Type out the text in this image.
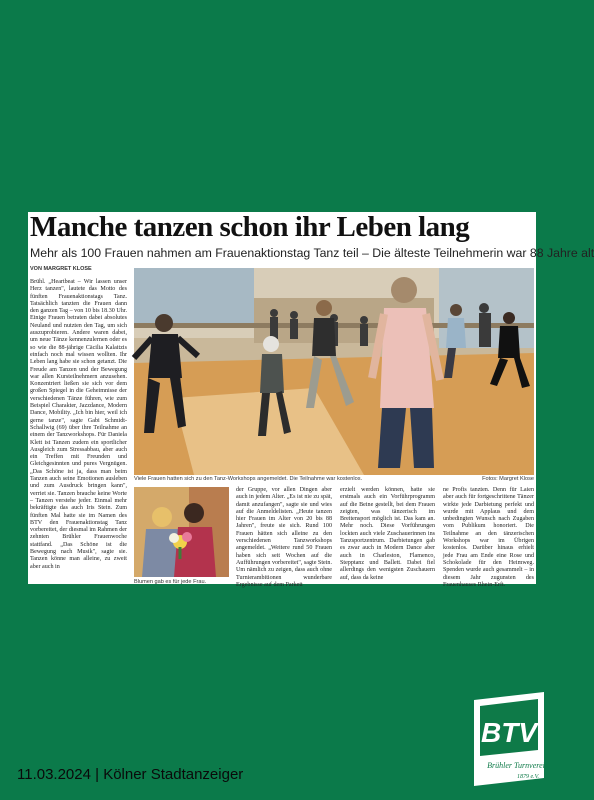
Manche tanzen schon ihr Leben lang
Mehr als 100 Frauen nahmen am Frauenaktionstag Tanz teil – Die älteste Teilnehmerin war 88 Jahre alt
VON MARGRET KLOSE

Brühl. „Heartbeat – Wir lassen unser Herz tanzen", lautete das Motto des fünften Frauenaktionstags Tanz. Tatsächlich tanzten die Frauen dann den ganzen Tag – von 10 bis 18.30 Uhr. Einige Frauen betraten dabei absolutes Neuland und nutzten den Tag, um sich auszuprobieren. Andere waren dabei, um neue Tänze kennenzulernen oder es so wie die 88-jährige Cäcilia Kalaitzis einfach noch mal wissen wollten. Ihr Leben lang habe sie schon getanzt. Die Freude am Tanzen und der Bewegung war allen Kursteilnehmern anzusehen. Konzentriert ließen sie sich vor dem großen Spiegel in die Geheimnisse der verschiedenen Tänze führen, wie zum Beispiel Charakter, Jazzdance, Modern Dance, Mobility. „Ich bin hier, weil ich gerne tanze", sagte Gabi Schmidt-Schallwig (69) über ihre Teilnahme an einem der Tanzworkshops. Für Daniela Klett ist Tanzen zudem ein sportlicher Ausgleich zum Stressabbau, aber auch ein Treffen mit Freunden und Gleichgesinnten und pures Vergnügen. „Das Schöne ist ja, dass man beim Tanzen auch seine Emotionen ausleben und zum Ausdruck bringen kann", verriet sie. Tanzen brauche keine Worte – Tanzen verstehe jeder. Einmal mehr bekräftigte das auch Iris Stein. Zum fünften Mal hatte sie im Namen des BTV den Frauenaktionstag Tanz vorbereitet, der diesmal im Rahmen der zehnten Brühler Frauenwoche stattfand. „Das Schöne ist die Bewegung nach Musik", sagte sie. Tanzen könne man alleine, zu zweit aber auch in

Viele Frauen hatten sich zu den Tanz-Workshops angemeldet. Die Teilnahme war kostenlos.	Fotos: Margret Klose
Blumen gab es für jede Frau.

der Gruppe, vor allen Dingen aber auch in jedem Alter. „Es ist nie zu spät, damit anzufangen", sagte sie und wies auf die Anmeldelisten. „Heute tanzen hier Frauen im Alter von 20 bis 88 Jahren", freute sie sich. Rund 100 Frauen hätten sich alleine zu den verschiedenen Tanzworkshops angemeldet. „Weitere rund 50 Frauen haben sich seit Wochen auf die Aufführungen vorbereitet", sagte Stein. Um nämlich zu zeigen, dass auch ohne Turnierambitionen wunderbare Ergebnisse auf dem Parkett

erzielt werden können, hatte sie erstmals auch ein Vorführprogramm auf die Beine gestellt, bei dem Frauen zeigten, was tänzerisch im Breitensport möglich ist. Das kam an. Mehr noch. Diese Vorführungen lockten auch viele Zuschauerinnen ins Tanzsportzentrum. Darbietungen gab es zwar auch in Modern Dance aber auch in Charleston, Flamenco, Stepptanz und Ballett. Dabei fiel allerdings den wenigsten Zuschauern auf, dass da keine

ne Profis tanzten. Denn für Laien aber auch für fortgeschrittene Tänzer wirkte jede Darbietung perfekt und wurde mit Applaus und dem unbedingten Wunsch nach Zugaben vom Publikum honoriert. Die Teilnahme an den tänzerischen Workshops war im Übrigen kostenlos. Darüber hinaus erhielt jede Frau am Ende eine Rose und Schokolade für den Heimweg. Spenden wurde auch gesammelt – in diesem Jahr zugunsten des Frauenhauses Rhein-Erft.

11.03.2024 | Kölner Stadtanzeiger
BTV
Brühler Turnverein
1879 e.V.
